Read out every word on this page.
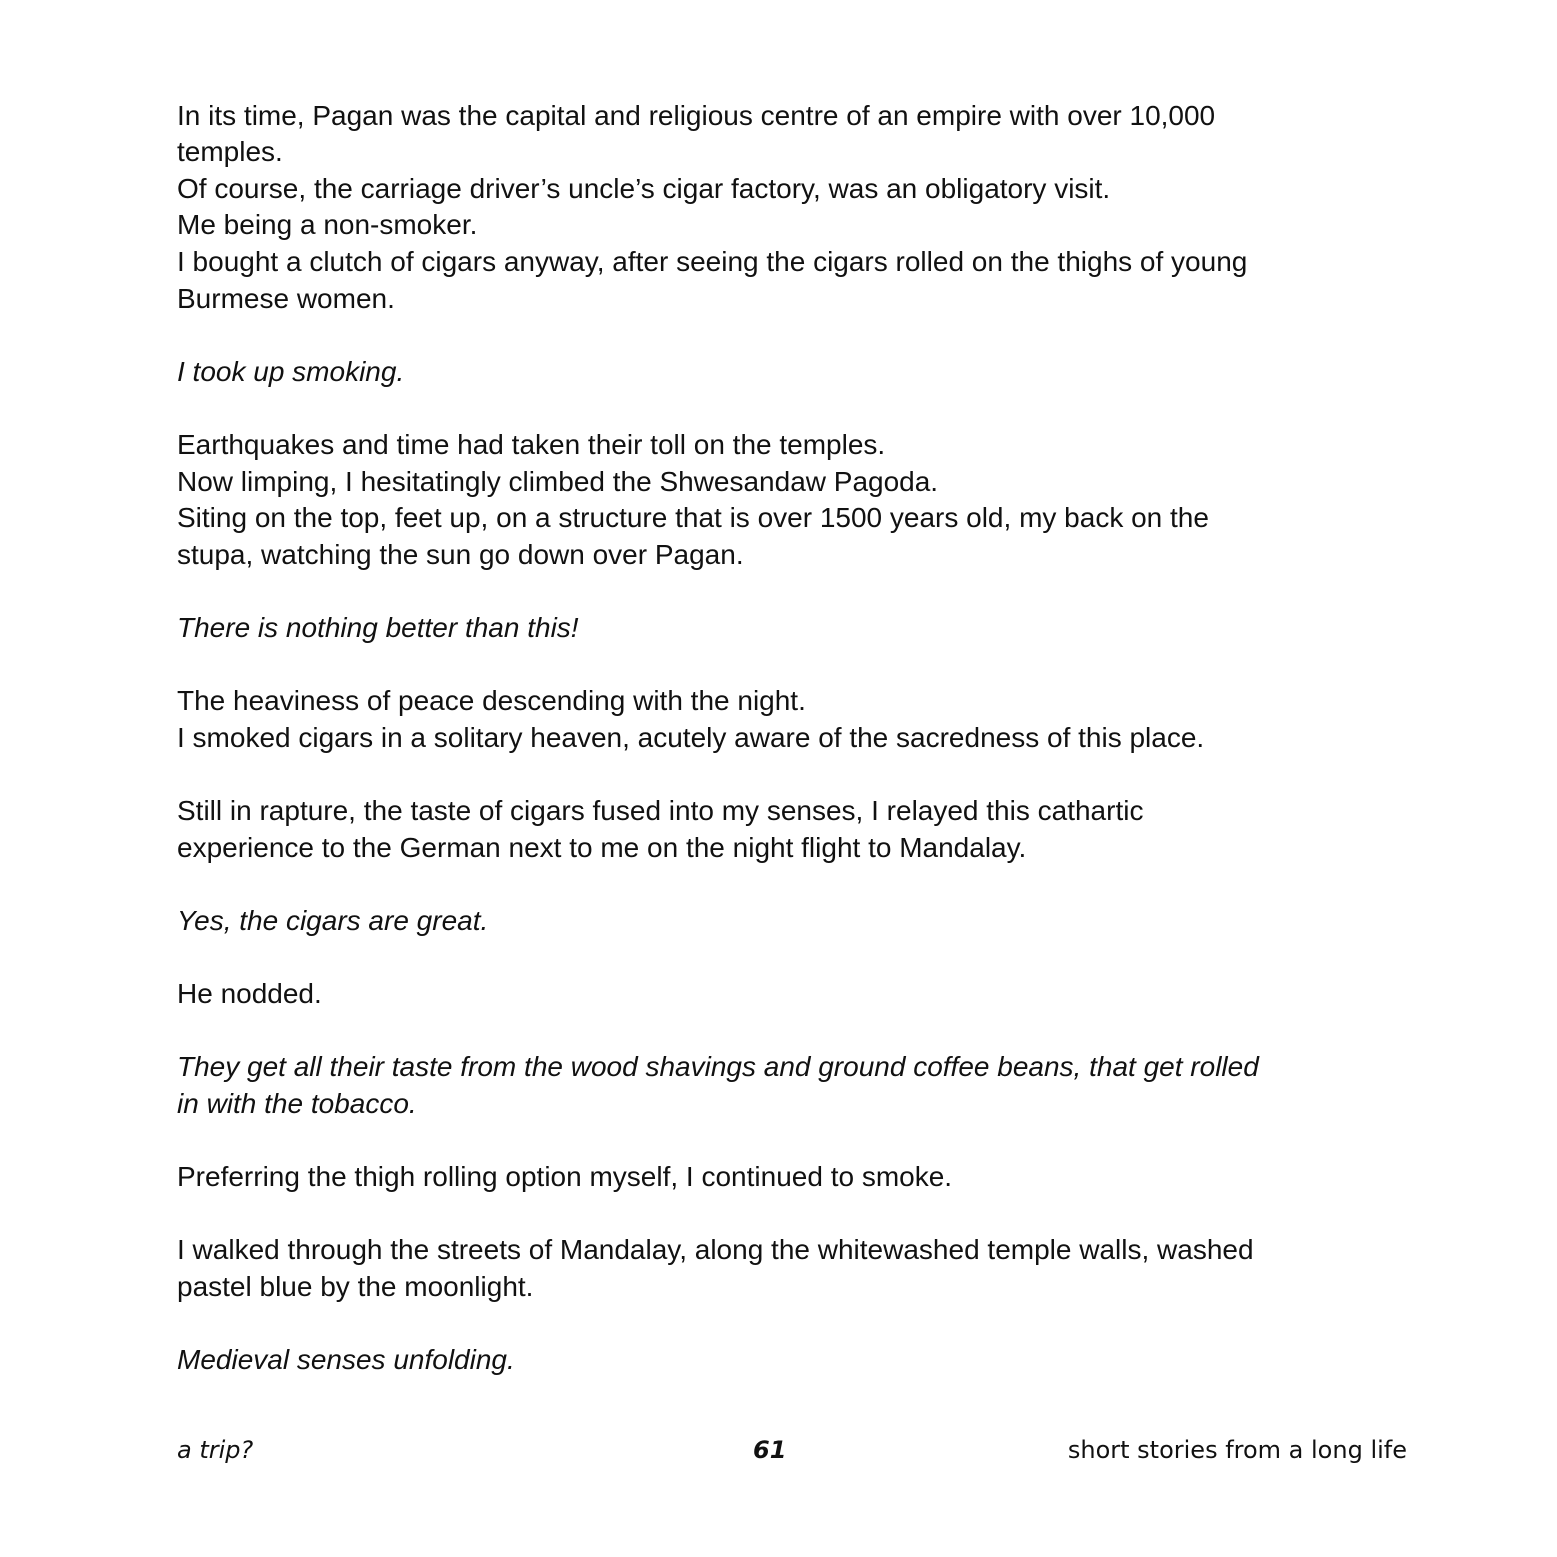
In its time, Pagan was the capital and religious centre of an empire with over 10,000

temples.

Of course, the carriage driver’s uncle’s cigar factory, was an obligatory visit.

Me being a non-smoker.

I bought a clutch of cigars anyway, after seeing the cigars rolled on the thighs of young

Burmese women.

I took up smoking.

Earthquakes and time had taken their toll on the temples.

Now limping, I hesitatingly climbed the Shwesandaw Pagoda.

Siting on the top, feet up, on a structure that is over 1500 years old, my back on the

stupa, watching the sun go down over Pagan.

There is nothing better than this!

The heaviness of peace descending with the night.

I smoked cigars in a solitary heaven, acutely aware of the sacredness of this place.

Still in rapture, the taste of cigars fused into my senses, I relayed this cathartic

experience to the German next to me on the night flight to Mandalay.

Yes, the cigars are great.

He nodded.

They get all their taste from the wood shavings and ground coffee beans, that get rolled

in with the tobacco.

Preferring the thigh rolling option myself, I continued to smoke.

I walked through the streets of Mandalay, along the whitewashed temple walls, washed

pastel blue by the moonlight.

Medieval senses unfolding.

a trip?	61	short stories from a long life
